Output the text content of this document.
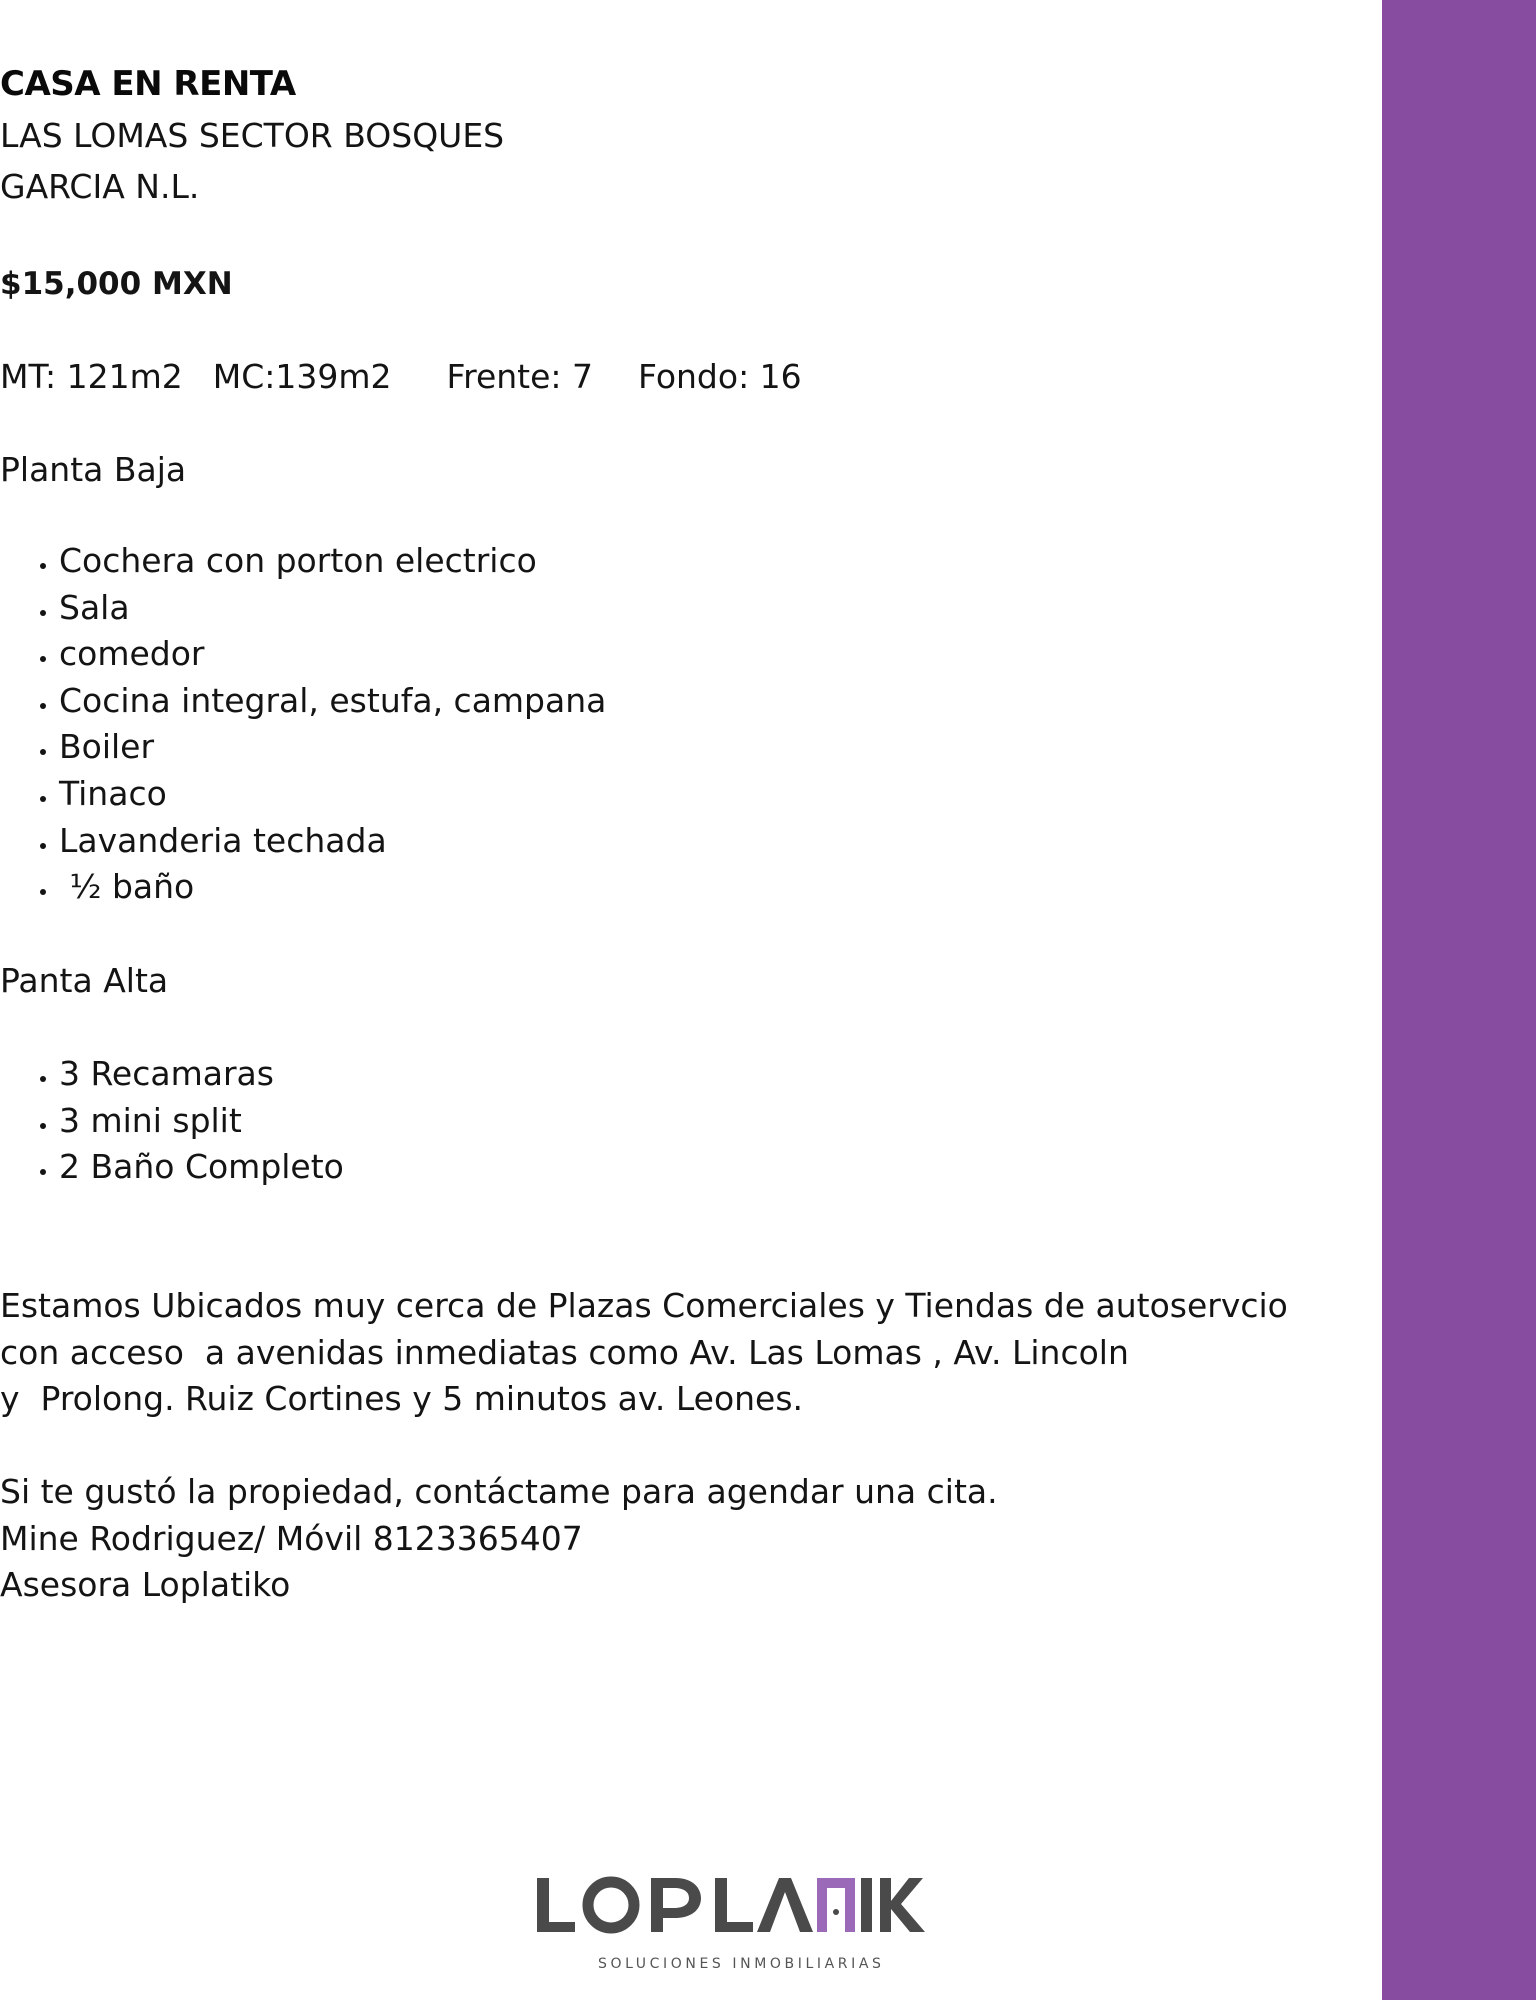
CASA EN RENTA
LAS LOMAS SECTOR BOSQUES
GARCIA N.L.
$15,000 MXN
MT: 121m2 MC:139m2 Frente: 7 Fondo: 16
Planta Baja
• Cochera con porton electrico
• Sala
• comedor
• Cocina integral, estufa, campana
• Boiler
• Tinaco
• Lavanderia techada
•  ½ baño
Panta Alta
• 3 Recamaras
• 3 mini split
• 2 Baño Completo
Estamos Ubicados muy cerca de Plazas Comerciales y Tiendas de autoservcio
con acceso  a avenidas inmediatas como Av. Las Lomas , Av. Lincoln
y  Prolong. Ruiz Cortines y 5 minutos av. Leones.
Si te gustó la propiedad, contáctame para agendar una cita.
Mine Rodriguez/ Móvil 8123365407
Asesora Loplatiko
SOLUCIONES INMOBILIARIAS
